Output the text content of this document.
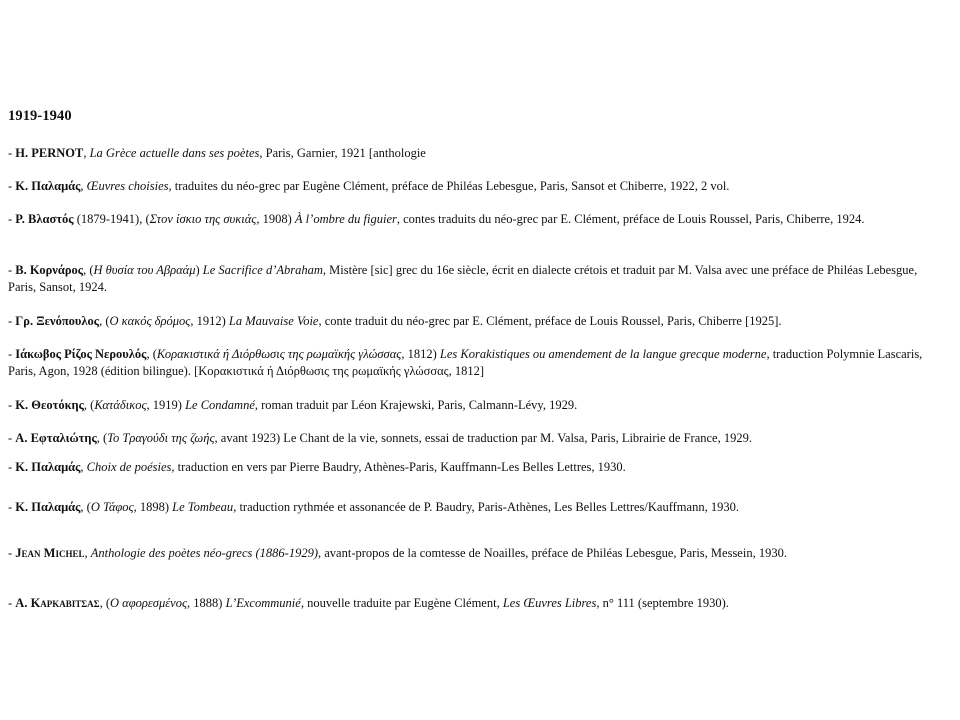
1919-1940
- H. PERNOT, La Grèce actuelle dans ses poètes, Paris, Garnier, 1921 [anthologie
- K. Παλαμάς, Œuvres choisies, traduites du néo-grec par Eugène Clément, préface de Philéas Lebesgue, Paris, Sansot et Chiberre, 1922, 2 vol.
- P. Βλαστός (1879-1941), (Στον ίσκιο της συκιάς, 1908) À l’ombre du figuier, contes traduits du néo-grec par E. Clément, préface de Louis Roussel, Paris, Chiberre, 1924.
- B. Κορνάρος, (Η θυσία του Αβραάμ) Le Sacrifice d’Abraham, Mistère [sic] grec du 16e siècle, écrit en dialecte crétois et traduit par M. Valsa avec une préface de Philéas Lebesgue, Paris, Sansot, 1924.
- Γρ. Ξενόπουλος, (Ο κακός δρόμος, 1912) La Mauvaise Voie, conte traduit du néo-grec par E. Clément, préface de Louis Roussel, Paris, Chiberre [1925].
- Ιάκωβος Ρίζος Νερουλός, (Κορακιστικά ή Διόρθωσις της ρωμαϊκής γλώσσας, 1812) Les Korakistiques ou amendement de la langue grecque moderne, traduction Polymnie Lascaris, Paris, Agon, 1928 (édition bilingue). [Κορακιστικά ή Διόρθωσις της ρωμαϊκής γλώσσας, 1812]
- K. Θεοτόκης, (Κατάδικος, 1919) Le Condamné, roman traduit par Léon Krajewski, Paris, Calmann-Lévy, 1929.
- A. Εφταλιώτης, (Το Τραγούδι της ζωής, avant 1923) Le Chant de la vie, sonnets, essai de traduction par M. Valsa, Paris, Librairie de France, 1929.
- K. Παλαμάς, Choix de poésies, traduction en vers par Pierre Baudry, Athènes-Paris, Kauffmann-Les Belles Lettres, 1930.
- K. Παλαμάς, (Ο Τάφος, 1898) Le Tombeau, traduction rythmée et assonancée de P. Baudry, Paris-Athènes, Les Belles Lettres/Kauffmann, 1930.
- Jean Michel, Anthologie des poètes néo-grecs (1886-1929), avant-propos de la comtesse de Noailles, préface de Philéas Lebesgue, Paris, Messein, 1930.
- A. Καρκαβιτσας, (Ο αφορεσμένος, 1888) L’Excommunié, nouvelle traduite par Eugène Clément, Les Œuvres Libres, n° 111 (septembre 1930).
